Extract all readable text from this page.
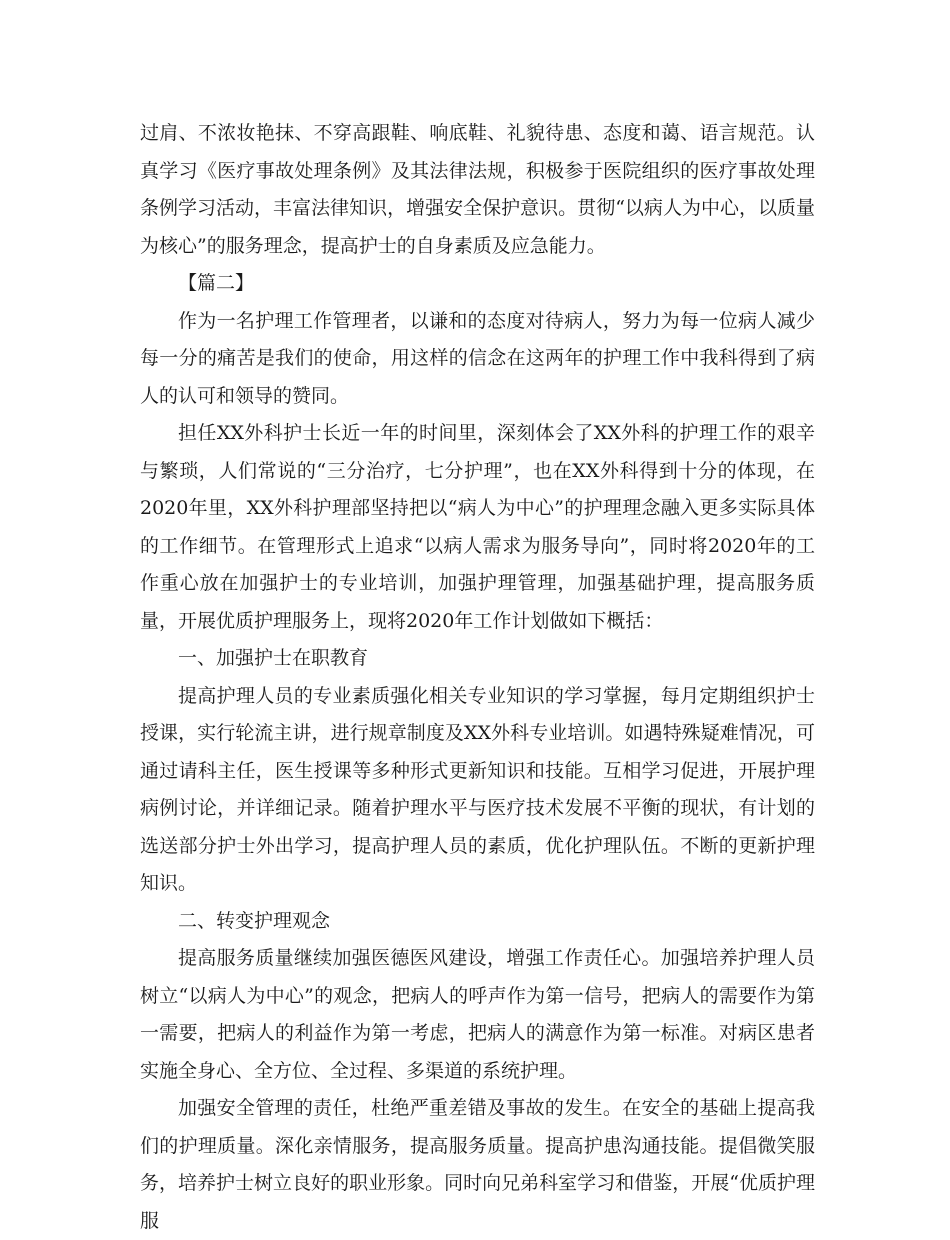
过肩、不浓妆艳抹、不穿高跟鞋、响底鞋、礼貌待患、态度和蔼、语言规范。认真学习《医疗事故处理条例》及其法律法规，积极参于医院组织的医疗事故处理条例学习活动，丰富法律知识，增强安全保护意识。贯彻“以病人为中心，以质量为核心”的服务理念，提高护士的自身素质及应急能力。

【篇二】

作为一名护理工作管理者，以谦和的态度对待病人，努力为每一位病人减少每一分的痛苦是我们的使命，用这样的信念在这两年的护理工作中我科得到了病人的认可和领导的赞同。

担任XX外科护士长近一年的时间里，深刻体会了XX外科的护理工作的艰辛与繁琐，人们常说的“三分治疗，七分护理”，也在XX外科得到十分的体现，在2020年里，XX外科护理部坚持把以“病人为中心”的护理理念融入更多实际具体的工作细节。在管理形式上追求“以病人需求为服务导向”，同时将2020年的工作重心放在加强护士的专业培训，加强护理管理，加强基础护理，提高服务质量，开展优质护理服务上，现将2020年工作计划做如下概括：

一、加强护士在职教育

提高护理人员的专业素质强化相关专业知识的学习掌握，每月定期组织护士授课，实行轮流主讲，进行规章制度及XX外科专业培训。如遇特殊疑难情况，可通过请科主任，医生授课等多种形式更新知识和技能。互相学习促进，开展护理病例讨论，并详细记录。随着护理水平与医疗技术发展不平衡的现状，有计划的选送部分护士外出学习，提高护理人员的素质，优化护理队伍。不断的更新护理知识。

二、转变护理观念

提高服务质量继续加强医德医风建设，增强工作责任心。加强培养护理人员树立“以病人为中心”的观念，把病人的呼声作为第一信号，把病人的需要作为第一需要，把病人的利益作为第一考虑，把病人的满意作为第一标准。对病区患者实施全身心、全方位、全过程、多渠道的系统护理。

加强安全管理的责任，杜绝严重差错及事故的发生。在安全的基础上提高我们的护理质量。深化亲情服务，提高服务质量。提高护患沟通技能。提倡微笑服务，培养护士树立良好的职业形象。同时向兄弟科室学习和借鉴，开展“优质护理服
